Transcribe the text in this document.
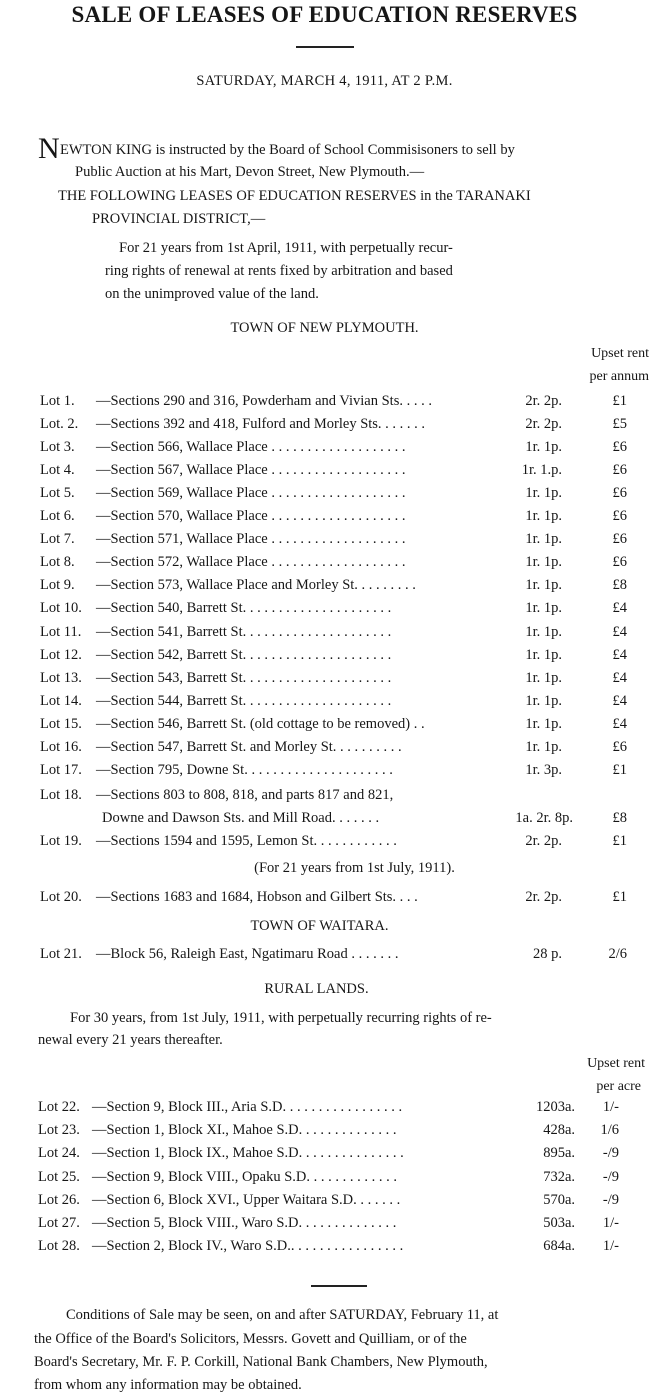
SALE OF LEASES OF EDUCATION RESERVES
SATURDAY, MARCH 4, 1911, AT 2 P.M.
N EWTON KING is instructed by the Board of School Commisisoners to sell by
Public Auction at his Mart, Devon Street, New Plymouth.—
THE FOLLOWING LEASES OF EDUCATION RESERVES in the TARANAKI
PROVINCIAL DISTRICT,—
For 21 years from 1st April, 1911, with perpetually recur-
ring rights of renewal at rents fixed by arbitration and based
on the unimproved value of the land.
TOWN OF NEW PLYMOUTH.
Upset rent
per annum
Lot 1. —Sections 290 and 316, Powderham and Vivian Sts. . . . .	2r. 2p.	£1
Lot. 2. —Sections 392 and 418, Fulford and Morley Sts. . . . . . .	2r. 2p.	£5
Lot 3. —Section 566, Wallace Place . . . . . . . . . . . . . . . . . . .	1r. 1p.	£6
Lot 4. —Section 567, Wallace Place . . . . . . . . . . . . . . . . . . .	1r. 1.p.	£6
Lot 5. —Section 569, Wallace Place . . . . . . . . . . . . . . . . . . .	1r. 1p.	£6
Lot 6. —Section 570, Wallace Place . . . . . . . . . . . . . . . . . . .	1r. 1p.	£6
Lot 7. —Section 571, Wallace Place . . . . . . . . . . . . . . . . . . .	1r. 1p.	£6
Lot 8. —Section 572, Wallace Place . . . . . . . . . . . . . . . . . . .	1r. 1p.	£6
Lot 9. —Section 573, Wallace Place and Morley St. . . . . . . . .	1r. 1p.	£8
Lot 10. —Section 540, Barrett St. . . . . . . . . . . . . . . . . . . . .	1r. 1p.	£4
Lot 11. —Section 541, Barrett St. . . . . . . . . . . . . . . . . . . . .	1r. 1p.	£4
Lot 12. —Section 542, Barrett St. . . . . . . . . . . . . . . . . . . . .	1r. 1p.	£4
Lot 13. —Section 543, Barrett St. . . . . . . . . . . . . . . . . . . . .	1r. 1p.	£4
Lot 14. —Section 544, Barrett St. . . . . . . . . . . . . . . . . . . . .	1r. 1p.	£4
Lot 15. —Section 546, Barrett St. (old cottage to be removed) . .	1r. 1p.	£4
Lot 16. —Section 547, Barrett St. and Morley St. . . . . . . . . .	1r. 1p.	£6
Lot 17. —Section 795, Downe St. . . . . . . . . . . . . . . . . . . . .	1r. 3p.	£1
Lot 18. —Sections 803 to 808, 818, and parts 817 and 821,
Downe and Dawson Sts. and Mill Road. . . . . . .	1a. 2r. 8p.	£8
Lot 19. —Sections 1594 and 1595, Lemon St. . . . . . . . . . . .	2r. 2p.	£1
(For 21 years from 1st July, 1911).
Lot 20. —Sections 1683 and 1684, Hobson and Gilbert Sts. . . .	2r. 2p.	£1
TOWN OF WAITARA.
Lot 21. —Block 56, Raleigh East, Ngatimaru Road . . . . . . .	28 p.	2/6
RURAL LANDS.
For 30 years, from 1st July, 1911, with perpetually recurring rights of re-
newal every 21 years thereafter.
Upset rent
per acre
Lot 22. —Section 9, Block III., Aria S.D. . . . . . . . . . . . . . . . .	1203a. 1/-
Lot 23. —Section 1, Block XI., Mahoe S.D. . . . . . . . . . . . . .	428a. 1/6
Lot 24. —Section 1, Block IX., Mahoe S.D. . . . . . . . . . . . . . .	895a. -/9
Lot 25. —Section 9, Block VIII., Opaku S.D. . . . . . . . . . . . .	732a. -/9
Lot 26. —Section 6, Block XVI., Upper Waitara S.D. . . . . . .	570a. -/9
Lot 27. —Section 5, Block VIII., Waro S.D. . . . . . . . . . . . . .	503a. 1/-
Lot 28. —Section 2, Block IV., Waro S.D.. . . . . . . . . . . . . . . .	684a. 1/-
Conditions of Sale may be seen, on and after SATURDAY, February 11, at
the Office of the Board's Solicitors, Messrs. Govett and Quilliam, or of the
Board's Secretary, Mr. F. P. Corkill, National Bank Chambers, New Plymouth,
from whom any information may be obtained.
